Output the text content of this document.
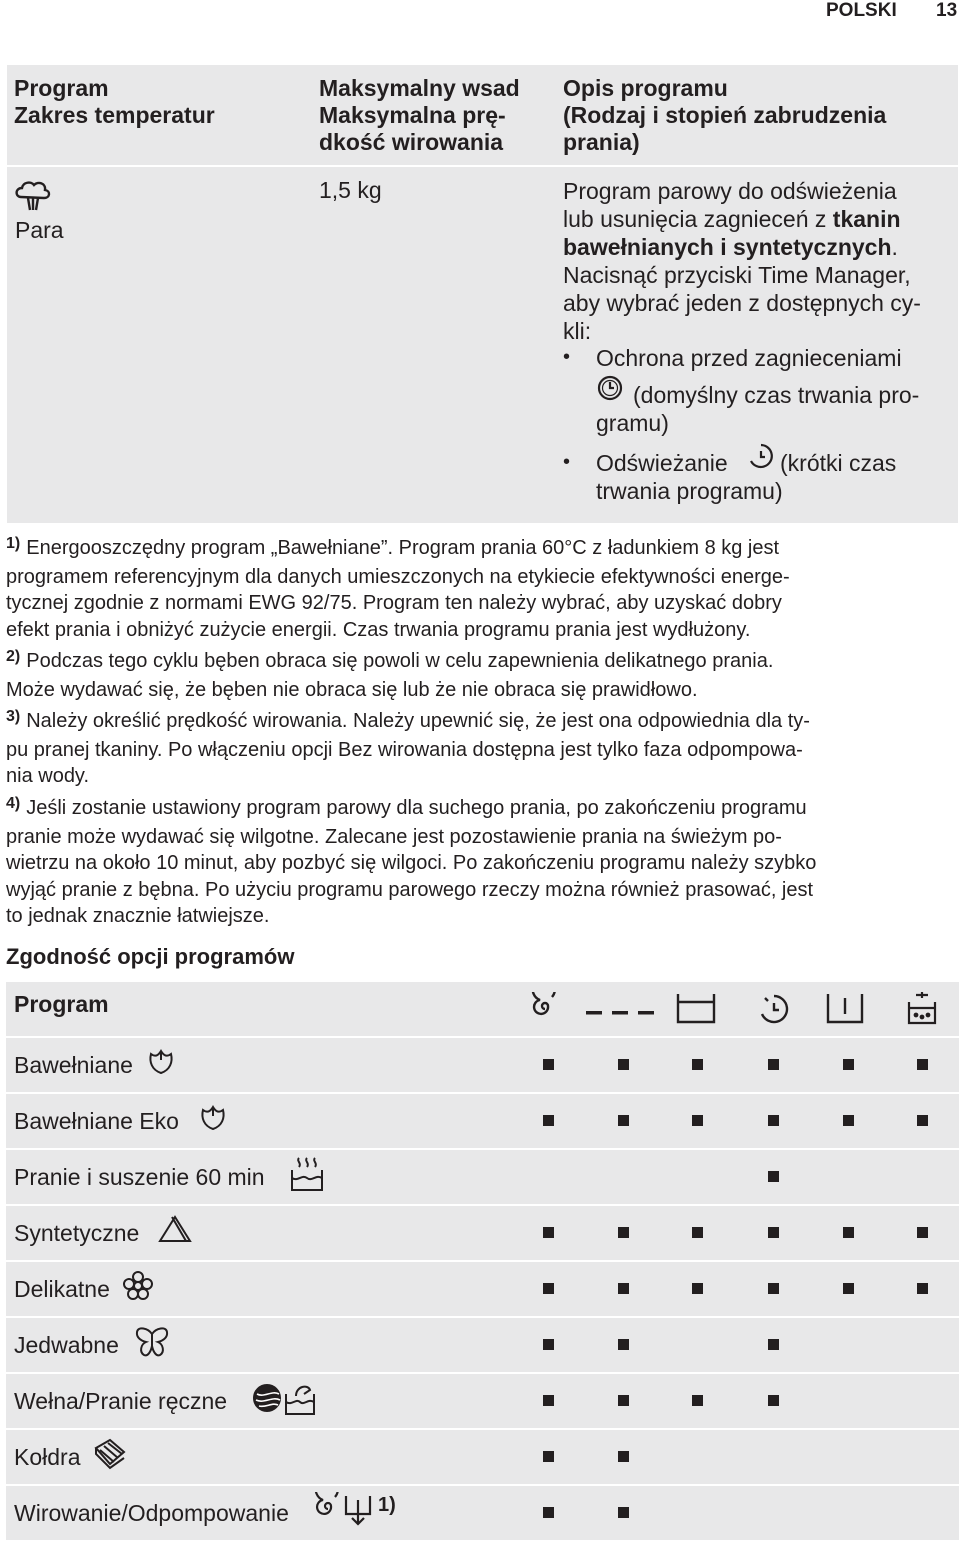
POLSKI 13
Program
Zakres temperatur
Maksymalny wsad
Maksymalna prę-
dkość wirowania
Opis programu
(Rodzaj i stopień zabrudzenia
prania)
Para
1,5 kg	Program parowy do odświeżenia
lub usunięcia zagnieceń z tkanin
bawełnianych i syntetycznych.
Nacisnąć przyciski Time Manager,
aby wybrać jeden z dostępnych cy-
kli:
• Ochrona przed zagnieceniami
(domyślny czas trwania pro-
gramu)
• Odświeżanie (krótki czas
trwania programu)

$^{1)}$ Energooszczędny program „Bawełniane”. Program prania 60°C z ładunkiem 8 kg jest
programem referencyjnym dla danych umieszczonych na etykiecie efektywności energe-
tycznej zgodnie z normami EWG 92/75. Program ten należy wybrać, aby uzyskać dobry
efekt prania i obniżyć zużycie energii. Czas trwania programu prania jest wydłużony.

$^{2)}$ Podczas tego cyklu bęben obraca się powoli w celu zapewnienia delikatnego prania.
Może wydawać się, że bęben nie obraca się lub że nie obraca się prawidłowo.

$^{3)}$ Należy określić prędkość wirowania. Należy upewnić się, że jest ona odpowiednia dla ty-
pu pranej tkaniny. Po włączeniu opcji Bez wirowania dostępna jest tylko faza odpompowa-
nia wody.

$^{4)}$ Jeśli zostanie ustawiony program parowy dla suchego prania, po zakończeniu programu
pranie może wydawać się wilgotne. Zalecane jest pozostawienie prania na świeżym po-
wietrzu na około 10 minut, aby pozbyć się wilgoci. Po zakończeniu programu należy szybko
wyjąć pranie z bębna. Po użyciu programu parowego rzeczy można również prasować, jest
to jednak znacznie łatwiejsze.

Zgodność opcji programów
Program
Bawełniane
Bawełniane Eko
Pranie i suszenie 60 min
Syntetyczne
Delikatne
Jedwabne
Wełna/Pranie ręczne
Kołdra
Wirowanie/Odpompowanie	1)
